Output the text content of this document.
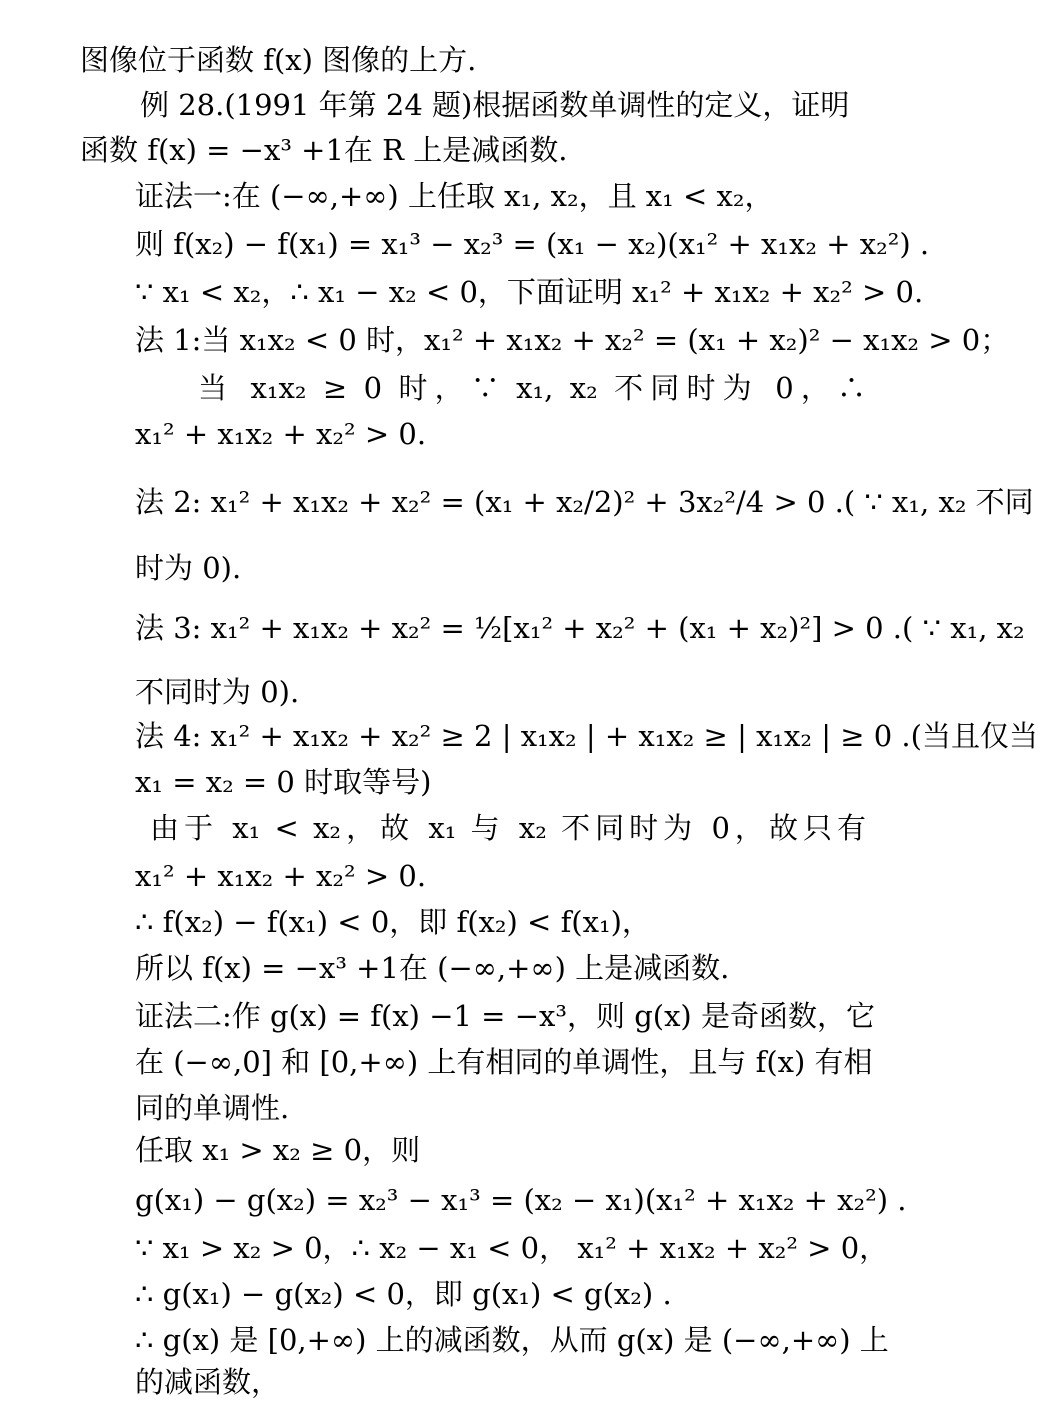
图像位于函数 f(x) 图像的上方.
例 28.(1991 年第 24 题)根据函数单调性的定义，证明
函数 f(x) = −x³ +1在 R 上是减函数.
证法一:在 (−∞,+∞) 上任取 x₁, x₂，且 x₁ < x₂，
则 f(x₂) − f(x₁) = x₁³ − x₂³ = (x₁ − x₂)(x₁² + x₁x₂ + x₂²) .
∵ x₁ < x₂，∴ x₁ − x₂ < 0，下面证明 x₁² + x₁x₂ + x₂² > 0.
法 1:当 x₁x₂ < 0 时，x₁² + x₁x₂ + x₂² = (x₁ + x₂)² − x₁x₂ > 0；
当 x₁x₂ ≥ 0 时，∵ x₁, x₂ 不同时为 0，∴
x₁² + x₁x₂ + x₂² > 0.
法 2: x₁² + x₁x₂ + x₂² = (x₁ + x₂/2)² + 3x₂²/4 > 0 .( ∵ x₁, x₂ 不同
时为 0).
法 3: x₁² + x₁x₂ + x₂² = ½[x₁² + x₂² + (x₁ + x₂)²] > 0 .( ∵ x₁, x₂
不同时为 0).
法 4: x₁² + x₁x₂ + x₂² ≥ 2 | x₁x₂ | + x₁x₂ ≥ | x₁x₂ | ≥ 0 .(当且仅当
x₁ = x₂ = 0 时取等号)
由于 x₁ < x₂，故 x₁ 与 x₂ 不同时为 0，故只有
x₁² + x₁x₂ + x₂² > 0.
∴ f(x₂) − f(x₁) < 0，即 f(x₂) < f(x₁)，
所以 f(x) = −x³ +1在 (−∞,+∞) 上是减函数.
证法二:作 g(x) = f(x) −1 = −x³，则 g(x) 是奇函数，它
在 (−∞,0] 和 [0,+∞) 上有相同的单调性，且与 f(x) 有相
同的单调性.
任取 x₁ > x₂ ≥ 0，则
g(x₁) − g(x₂) = x₂³ − x₁³ = (x₂ − x₁)(x₁² + x₁x₂ + x₂²) .
∵ x₁ > x₂ > 0，∴ x₂ − x₁ < 0， x₁² + x₁x₂ + x₂² > 0，
∴ g(x₁) − g(x₂) < 0，即 g(x₁) < g(x₂) .
∴ g(x) 是 [0,+∞) 上的减函数，从而 g(x) 是 (−∞,+∞) 上
的减函数，
